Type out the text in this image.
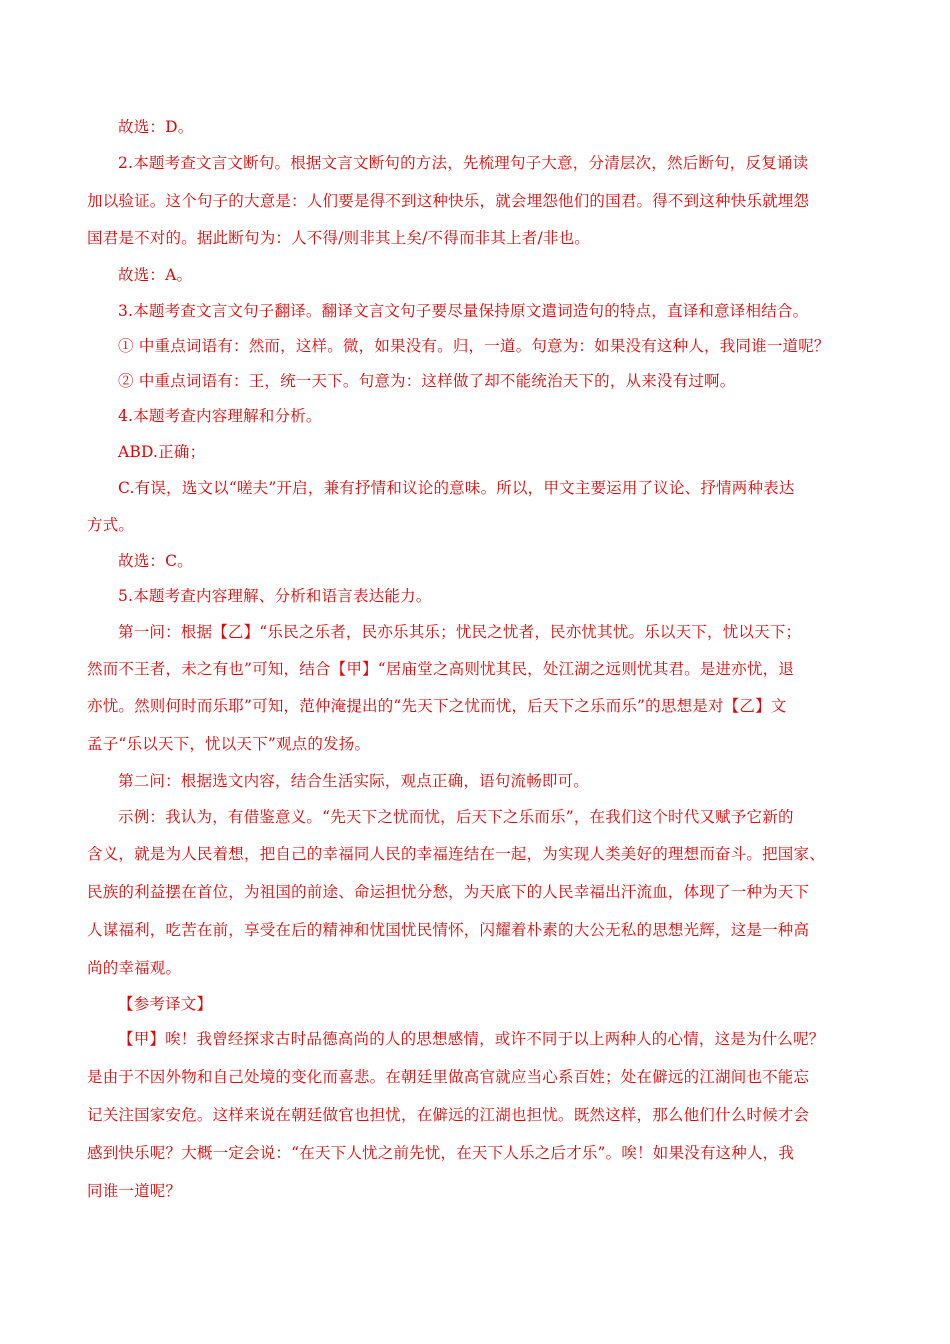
故选：D。
2.本题考查文言文断句。根据文言文断句的方法，先梳理句子大意，分清层次，然后断句，反复诵读
加以验证。这个句子的大意是：人们要是得不到这种快乐，就会埋怨他们的国君。得不到这种快乐就埋怨
国君是不对的。据此断句为：人不得/则非其上矣/不得而非其上者/非也。
故选：A。
3.本题考查文言文句子翻译。翻译文言文句子要尽量保持原文遣词造句的特点，直译和意译相结合。
① 中重点词语有：然而，这样。微，如果没有。归，一道。句意为：如果没有这种人，我同谁一道呢？
② 中重点词语有：王，统一天下。句意为：这样做了却不能统治天下的，从来没有过啊。
4.本题考查内容理解和分析。
ABD.正确；
C.有误，选文以“嗟夫”开启，兼有抒情和议论的意味。所以，甲文主要运用了议论、抒情两种表达
方式。
故选：C。
5.本题考查内容理解、分析和语言表达能力。
第一问：根据【乙】“乐民之乐者，民亦乐其乐；忧民之忧者，民亦忧其忧。乐以天下，忧以天下；
然而不王者，未之有也”可知，结合【甲】“居庙堂之高则忧其民，处江湖之远则忧其君。是进亦忧，退
亦忧。然则何时而乐耶”可知，范仲淹提出的“先天下之忧而忧，后天下之乐而乐”的思想是对【乙】文
孟子“乐以天下，忧以天下”观点的发扬。
第二问：根据选文内容，结合生活实际，观点正确，语句流畅即可。
示例：我认为，有借鉴意义。“先天下之忧而忧，后天下之乐而乐”，在我们这个时代又赋予它新的
含义，就是为人民着想，把自己的幸福同人民的幸福连结在一起，为实现人类美好的理想而奋斗。把国家、
民族的利益摆在首位，为祖国的前途、命运担忧分愁，为天底下的人民幸福出汗流血，体现了一种为天下
人谋福利，吃苦在前，享受在后的精神和忧国忧民情怀，闪耀着朴素的大公无私的思想光辉，这是一种高
尚的幸福观。
【参考译文】
【甲】唉！我曾经探求古时品德高尚的人的思想感情，或许不同于以上两种人的心情，这是为什么呢？
是由于不因外物和自己处境的变化而喜悲。在朝廷里做高官就应当心系百姓；处在僻远的江湖间也不能忘
记关注国家安危。这样来说在朝廷做官也担忧，在僻远的江湖也担忧。既然这样，那么他们什么时候才会
感到快乐呢？大概一定会说：“在天下人忧之前先忧，在天下人乐之后才乐”。唉！如果没有这种人，我
同谁一道呢？
